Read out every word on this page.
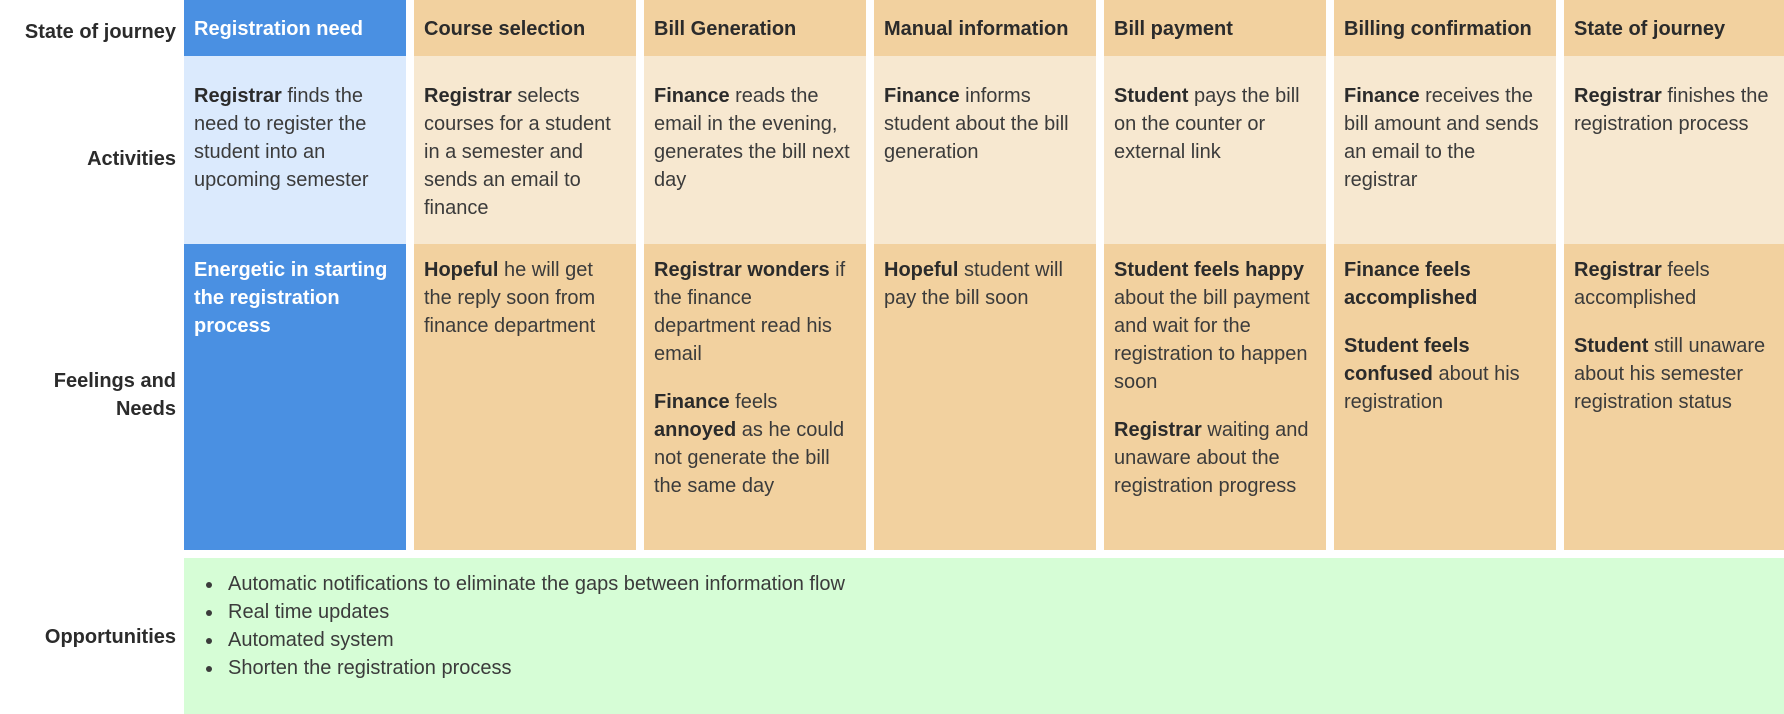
State of journey
Activities
Feelings and
Needs
Opportunities
Registration need
Registrar finds the need to register the student into an upcoming semester
Energetic in starting the registration process
Course selection
Registrar selects courses for a student in a semester and sends an email to finance
Hopeful he will get the reply soon from finance department
Bill Generation
Finance reads the email in the evening, generates the bill next day
Registrar wonders if the finance department read his email
Finance feels annoyed as he could not generate the bill the same day
Manual information
Finance informs student about the bill generation
Hopeful student will pay the bill soon
Bill payment
Student pays the bill on the counter or external link
Student feels happy about the bill payment and wait for the registration to happen soon
Registrar waiting and unaware about the registration progress
Billing confirmation
Finance receives the bill amount and sends an email to the registrar
Finance feels accomplished
Student feels confused about his registration
State of journey
Registrar finishes the registration process
Registrar feels accomplished
Student still unaware about his semester registration status
• Automatic notifications to eliminate the gaps between information flow
• Real time updates
• Automated system
• Shorten the registration process
